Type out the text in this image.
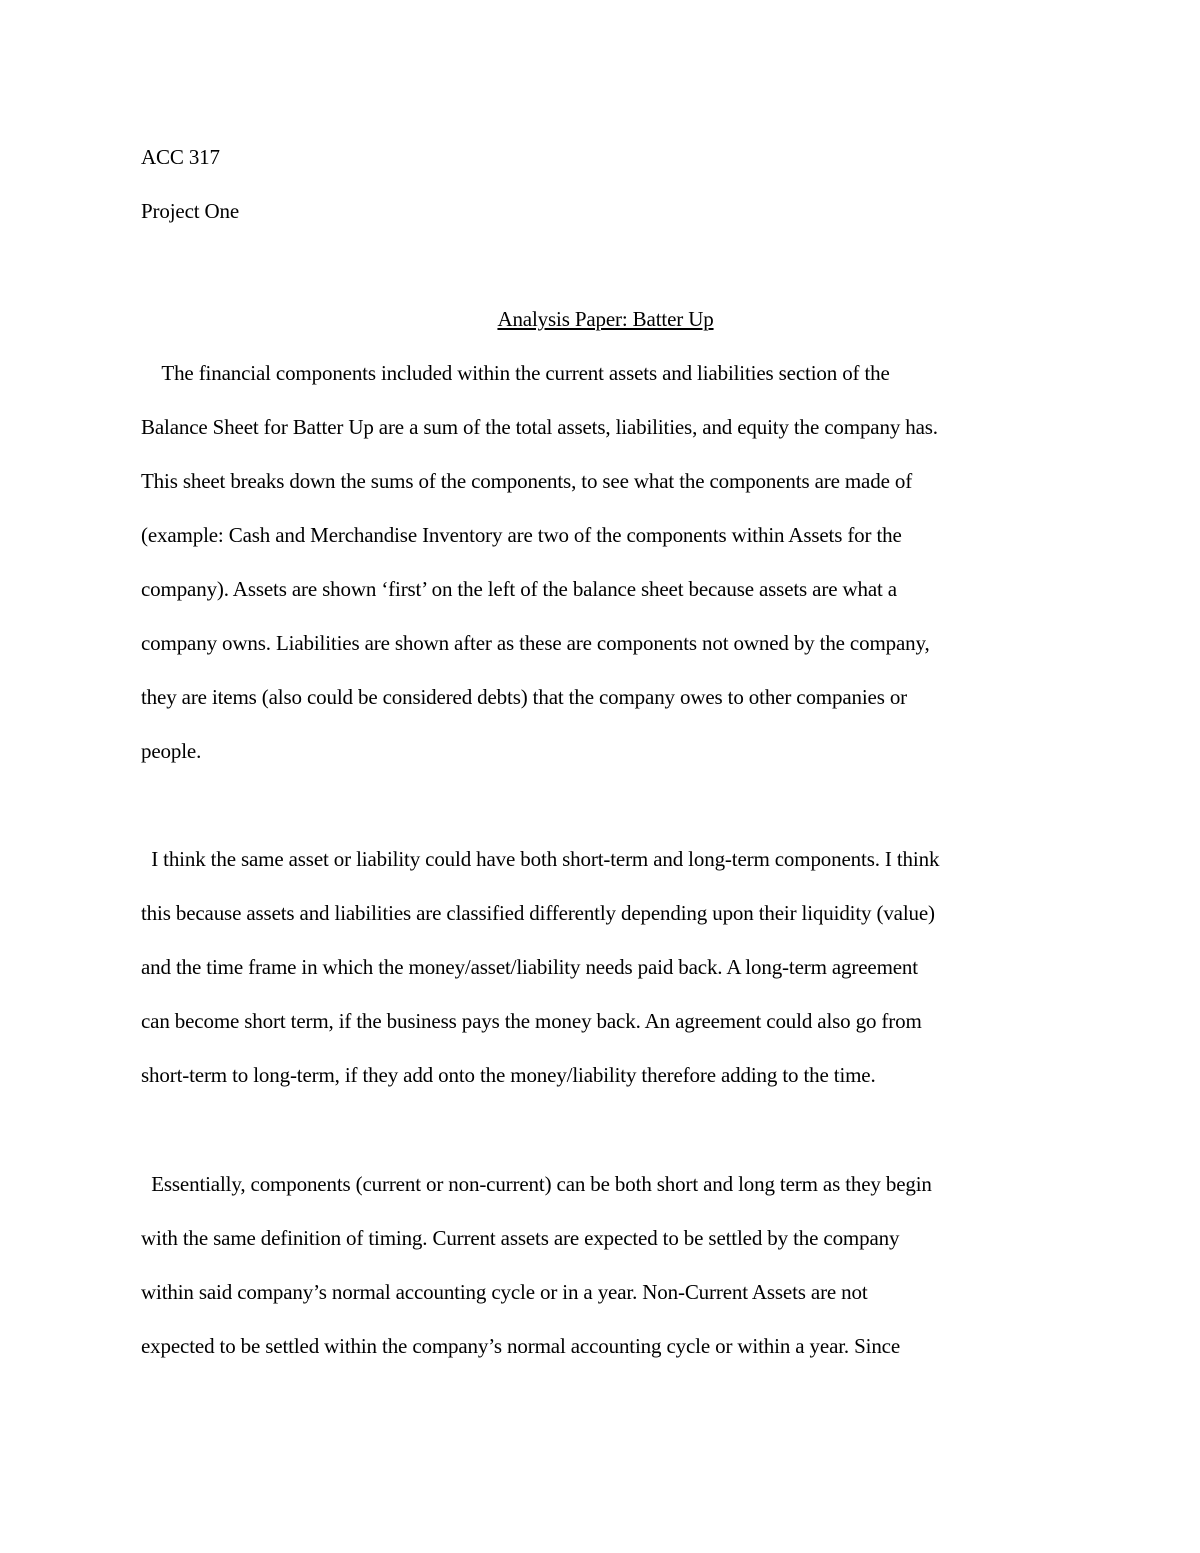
ACC 317
Project One
Analysis Paper: Batter Up
The financial components included within the current assets and liabilities section of the
Balance Sheet for Batter Up are a sum of the total assets, liabilities, and equity the company has.
This sheet breaks down the sums of the components, to see what the components are made of
(example: Cash and Merchandise Inventory are two of the components within Assets for the
company). Assets are shown ‘first’ on the left of the balance sheet because assets are what a
company owns. Liabilities are shown after as these are components not owned by the company,
they are items (also could be considered debts) that the company owes to other companies or
people.
I think the same asset or liability could have both short-term and long-term components. I think
this because assets and liabilities are classified differently depending upon their liquidity (value)
and the time frame in which the money/asset/liability needs paid back. A long-term agreement
can become short term, if the business pays the money back. An agreement could also go from
short-term to long-term, if they add onto the money/liability therefore adding to the time.
Essentially, components (current or non-current) can be both short and long term as they begin
with the same definition of timing. Current assets are expected to be settled by the company
within said company’s normal accounting cycle or in a year. Non-Current Assets are not
expected to be settled within the company’s normal accounting cycle or within a year. Since
